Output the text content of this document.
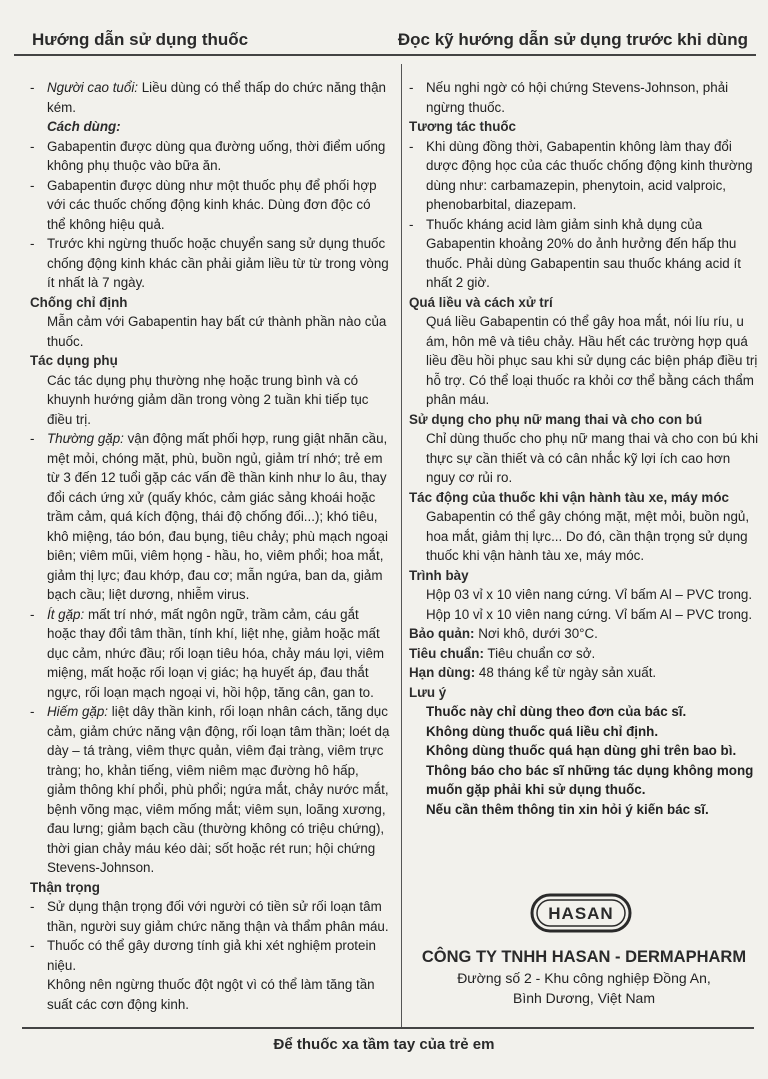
Hướng dẫn sử dụng thuốc	Đọc kỹ hướng dẫn sử dụng trước khi dùng

- Người cao tuổi: Liều dùng có thể thấp do chức năng thận kém.

Cách dùng:

- Gabapentin được dùng qua đường uống, thời điểm uống không phụ thuộc vào bữa ăn.

- Gabapentin được dùng như một thuốc phụ để phối hợp với các thuốc chống động kinh khác. Dùng đơn độc có thể không hiệu quả.

- Trước khi ngừng thuốc hoặc chuyển sang sử dụng thuốc chống động kinh khác cần phải giảm liều từ từ trong vòng ít nhất là 7 ngày.

Chống chỉ định

Mẫn cảm với Gabapentin hay bất cứ thành phần nào của thuốc.

Tác dụng phụ

Các tác dụng phụ thường nhẹ hoặc trung bình và có khuynh hướng giảm dần trong vòng 2 tuần khi tiếp tục điều trị.

- Thường gặp: vận động mất phối hợp, rung giật nhãn cầu, mệt mỏi, chóng mặt, phù, buồn ngủ, giảm trí nhớ; trẻ em từ 3 đến 12 tuổi gặp các vấn đề thần kinh như lo âu, thay đổi cách ứng xử (quấy khóc, cảm giác sảng khoái hoặc trầm cảm, quá kích động, thái độ chống đối...); khó tiêu, khô miệng, táo bón, đau bụng, tiêu chảy; phù mạch ngoại biên; viêm mũi, viêm họng - hầu, ho, viêm phổi; hoa mắt, giảm thị lực; đau khớp, đau cơ; mẫn ngứa, ban da, giảm bạch cầu; liệt dương, nhiễm virus.

- Ít gặp: mất trí nhớ, mất ngôn ngữ, trầm cảm, cáu gắt hoặc thay đổi tâm thần, tính khí, liệt nhẹ, giảm hoặc mất dục cảm, nhức đầu; rối loạn tiêu hóa, chảy máu lợi, viêm miệng, mất hoặc rối loạn vị giác; hạ huyết áp, đau thắt ngực, rối loạn mạch ngoại vi, hồi hộp, tăng cân, gan to.

- Hiếm gặp: liệt dây thần kinh, rối loạn nhân cách, tăng dục cảm, giảm chức năng vận động, rối loạn tâm thần; loét dạ dày – tá tràng, viêm thực quản, viêm đại tràng, viêm trực tràng; ho, khản tiếng, viêm niêm mạc đường hô hấp, giảm thông khí phổi, phù phổi; ngứa mắt, chảy nước mắt, bệnh võng mạc, viêm mống mắt; viêm sụn, loãng xương, đau lưng; giảm bạch cầu (thường không có triệu chứng), thời gian chảy máu kéo dài; sốt hoặc rét run; hội chứng Stevens-Johnson.

Thận trọng

- Sử dụng thận trọng đối với người có tiền sử rối loạn tâm thần, người suy giảm chức năng thận và thẩm phân máu.

- Thuốc có thể gây dương tính giả khi xét nghiệm protein niệu.

Không nên ngừng thuốc đột ngột vì có thể làm tăng tần suất các cơn động kinh.

- Nếu nghi ngờ có hội chứng Stevens-Johnson, phải ngừng thuốc.

Tương tác thuốc

- Khi dùng đồng thời, Gabapentin không làm thay đổi dược động học của các thuốc chống động kinh thường dùng như: carbamazepin, phenytoin, acid valproic, phenobarbital, diazepam.

- Thuốc kháng acid làm giảm sinh khả dụng của Gabapentin khoảng 20% do ảnh hưởng đến hấp thu thuốc. Phải dùng Gabapentin sau thuốc kháng acid ít nhất 2 giờ.

Quá liều và cách xử trí

Quá liều Gabapentin có thể gây hoa mắt, nói líu ríu, u ám, hôn mê và tiêu chảy. Hầu hết các trường hợp quá liều đều hồi phục sau khi sử dụng các biện pháp điều trị hỗ trợ. Có thể loại thuốc ra khỏi cơ thể bằng cách thẩm phân máu.

Sử dụng cho phụ nữ mang thai và cho con bú

Chỉ dùng thuốc cho phụ nữ mang thai và cho con bú khi thực sự cần thiết và có cân nhắc kỹ lợi ích cao hơn nguy cơ rủi ro.

Tác động của thuốc khi vận hành tàu xe, máy móc

Gabapentin có thể gây chóng mặt, mệt mỏi, buồn ngủ, hoa mắt, giảm thị lực... Do đó, cần thận trọng sử dụng thuốc khi vận hành tàu xe, máy móc.

Trình bày

Hộp 03 vỉ x 10 viên nang cứng. Vỉ bấm Al – PVC trong.

Hộp 10 vỉ x 10 viên nang cứng. Vỉ bấm Al – PVC trong.

Bảo quản: Nơi khô, dưới 30°C.

Tiêu chuẩn: Tiêu chuẩn cơ sở.

Hạn dùng: 48 tháng kể từ ngày sản xuất.

Lưu ý

Thuốc này chỉ dùng theo đơn của bác sĩ.

Không dùng thuốc quá liều chỉ định.

Không dùng thuốc quá hạn dùng ghi trên bao bì.

Thông báo cho bác sĩ những tác dụng không mong muốn gặp phải khi sử dụng thuốc.

Nếu cần thêm thông tin xin hỏi ý kiến bác sĩ.

HASAN
CÔNG TY TNHH HASAN - DERMAPHARM
Đường số 2 - Khu công nghiệp Đồng An,
Bình Dương, Việt Nam
Để thuốc xa tầm tay của trẻ em
